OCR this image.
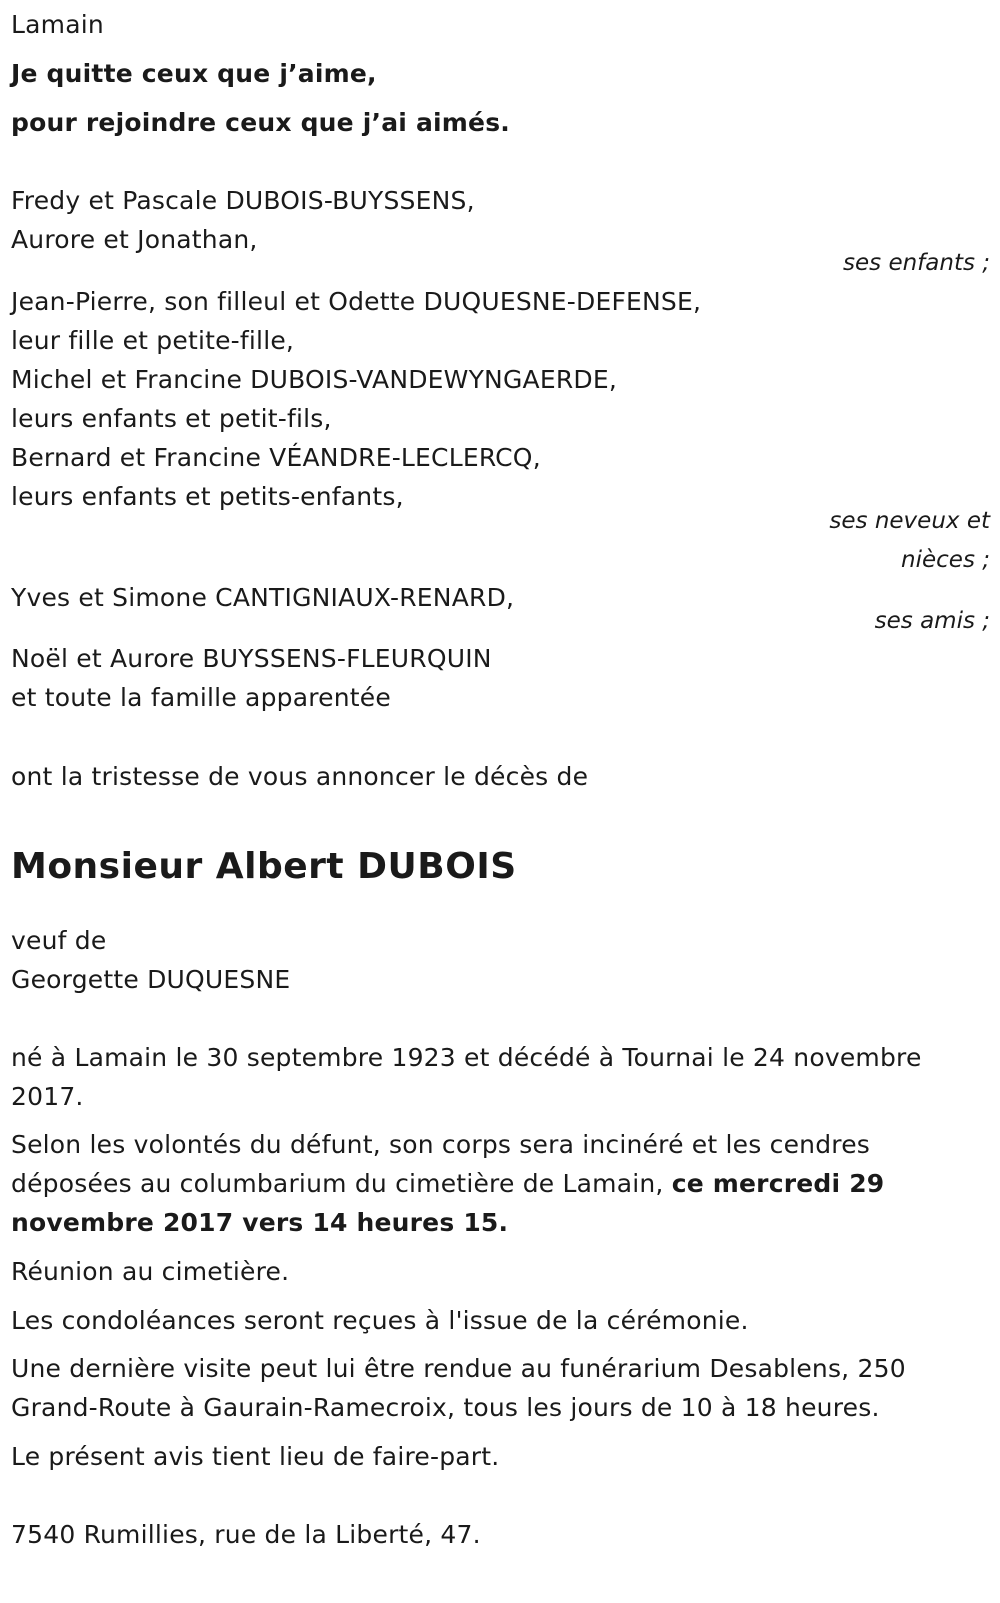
Lamain
Je quitte ceux que j’aime,
pour rejoindre ceux que j’ai aimés.
Fredy et Pascale DUBOIS-BUYSSENS,
Aurore et Jonathan,
ses enfants ;
Jean-Pierre, son filleul et Odette DUQUESNE-DEFENSE,
leur fille et petite-fille,
Michel et Francine DUBOIS-VANDEWYNGAERDE,
leurs enfants et petit-fils,
Bernard et Francine VÉANDRE-LECLERCQ,
leurs enfants et petits-enfants,
ses neveux et
nièces ;
Yves et Simone CANTIGNIAUX-RENARD,
ses amis ;
Noël et Aurore BUYSSENS-FLEURQUIN
et toute la famille apparentée
ont la tristesse de vous annoncer le décès de
Monsieur Albert DUBOIS
veuf de
Georgette DUQUESNE
né à Lamain le 30 septembre 1923 et décédé à Tournai le 24 novembre
2017.
Selon les volontés du défunt, son corps sera incinéré et les cendres
déposées au columbarium du cimetière de Lamain, ce mercredi 29
novembre 2017 vers 14 heures 15.
Réunion au cimetière.
Les condoléances seront reçues à l'issue de la cérémonie.
Une dernière visite peut lui être rendue au funérarium Desablens, 250
Grand-Route à Gaurain-Ramecroix, tous les jours de 10 à 18 heures.
Le présent avis tient lieu de faire-part.
7540 Rumillies, rue de la Liberté, 47.
